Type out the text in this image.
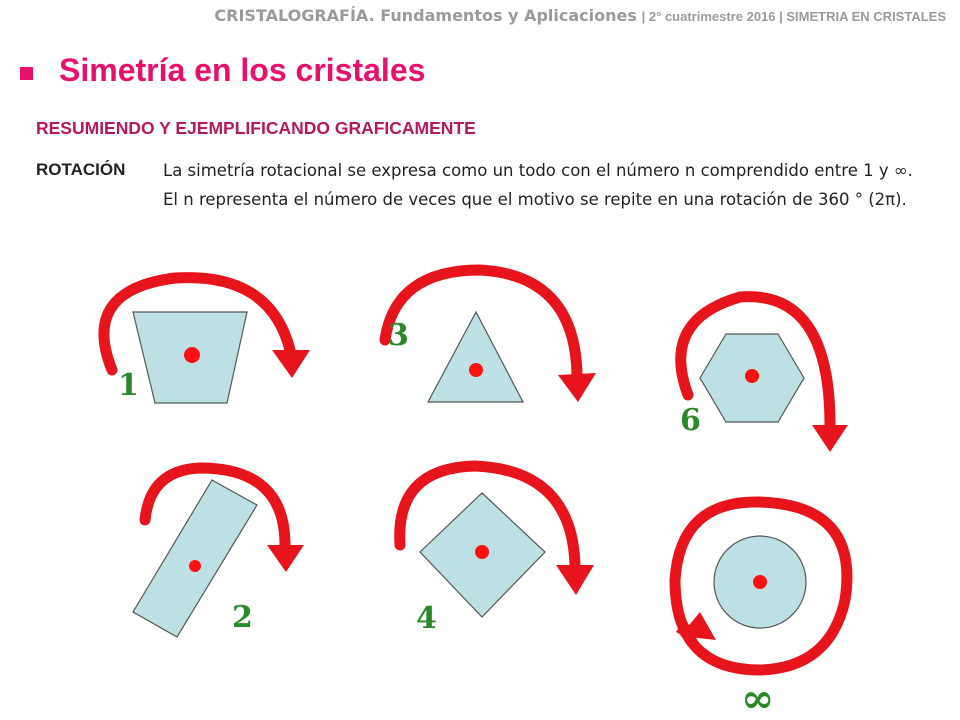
CRISTALOGRAFÍA. Fundamentos y Aplicaciones | 2° cuatrimestre 2016 | SIMETRIA EN CRISTALES
Simetría en los cristales
RESUMIENDO Y EJEMPLIFICANDO GRAFICAMENTE
ROTACIÓN La simetría rotacional se expresa como un todo con el número n comprendido entre 1 y ∞. El n representa el número de veces que el motivo se repite en una rotación de 360 ° (2π).
1
3
6
2	4
∞
